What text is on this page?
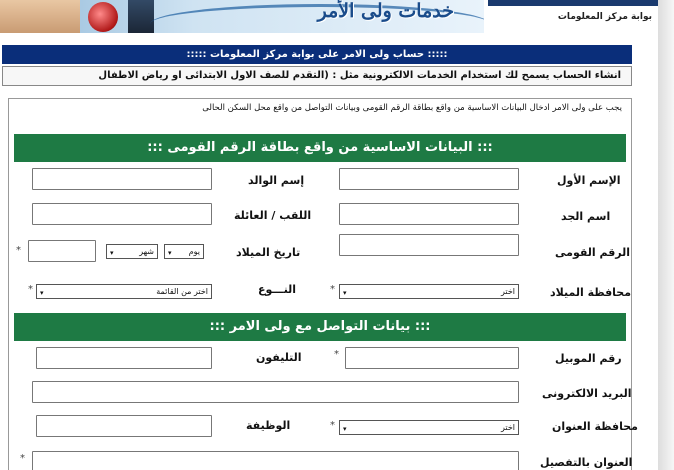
خدمات ولى الأمر	بوابة مركز المعلومات
::::: حساب ولى الامر على بوابة مركز المعلومات :::::
انشاء الحساب يسمح لك استخدام الخدمات الالكترونية مثل : (التقدم للصف الاول الابتدائى او رياض الاطفال
يجب على ولى الامر ادخال البيانات الاساسية من واقع بطاقة الرقم القومى وبيانات التواصل من واقع محل السكن الحالى
::: البيانات الاساسية من واقع بطاقة الرقم القومى :::
الإسم الأول
إسم الوالد
اسم الجد
اللقب / العائلة
الرقم القومى
تاريخ الميلاد
يوم
▾
شهر
▾
*
محافظة الميلاد
اختر
▾
*
النـــوع
اختر من القائمة
▾
*
::: بيانات التواصل مع ولى الامر :::
رقم الموبيل
*
التليفون
البريد الالكترونى
محافظة العنوان
اختر
▾
*
الوظيفة
العنوان بالتفصيل
*
